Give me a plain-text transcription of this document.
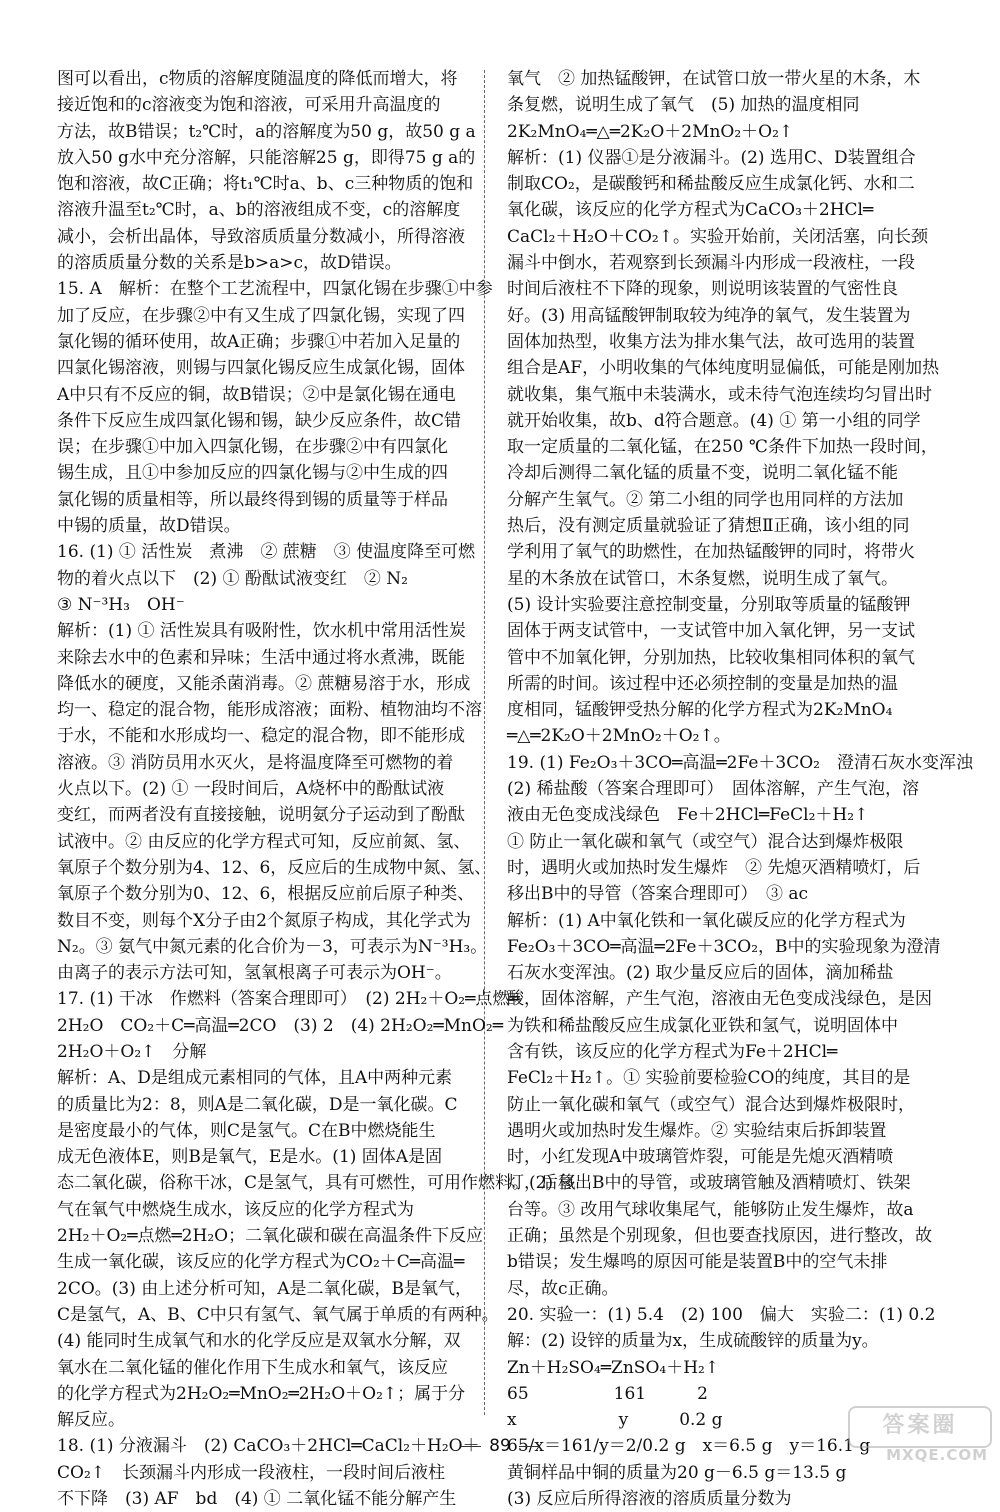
图可以看出，c物质的溶解度随温度的降低而增大，将
接近饱和的c溶液变为饱和溶液，可采用升高温度的
方法，故B错误；t₂℃时，a的溶解度为50 g，故50 g a
放入50 g水中充分溶解，只能溶解25 g，即得75 g a的
饱和溶液，故C正确；将t₁℃时a、b、c三种物质的饱和
溶液升温至t₂℃时，a、b的溶液组成不变，c的溶解度
减小，会析出晶体，导致溶质质量分数减小，所得溶液
的溶质质量分数的关系是b>a>c，故D错误。
15. A　解析：在整个工艺流程中，四氯化锡在步骤①中参
加了反应，在步骤②中有又生成了四氯化锡，实现了四
氯化锡的循环使用，故A正确；步骤①中若加入足量的
四氯化锡溶液，则锡与四氯化锡反应生成氯化锡，固体
A中只有不反应的铜，故B错误；②中是氯化锡在通电
条件下反应生成四氯化锡和锡，缺少反应条件，故C错
误；在步骤①中加入四氯化锡，在步骤②中有四氯化
锡生成，且①中参加反应的四氯化锡与②中生成的四
氯化锡的质量相等，所以最终得到锡的质量等于样品
中锡的质量，故D错误。
16. (1) ① 活性炭　煮沸　② 蔗糖　③ 使温度降至可燃
物的着火点以下　(2) ① 酚酞试液变红　② N₂
③ N⁻³H₃　OH⁻
解析：(1) ① 活性炭具有吸附性，饮水机中常用活性炭
来除去水中的色素和异味；生活中通过将水煮沸，既能
降低水的硬度，又能杀菌消毒。② 蔗糖易溶于水，形成
均一、稳定的混合物，能形成溶液；面粉、植物油均不溶
于水，不能和水形成均一、稳定的混合物，即不能形成
溶液。③ 消防员用水灭火，是将温度降至可燃物的着
火点以下。(2) ① 一段时间后，A烧杯中的酚酞试液
变红，而两者没有直接接触，说明氨分子运动到了酚酞
试液中。② 由反应的化学方程式可知，反应前氮、氢、
氧原子个数分别为4、12、6，反应后的生成物中氮、氢、
氧原子个数分别为0、12、6，根据反应前后原子种类、
数目不变，则每个X分子由2个氮原子构成，其化学式为
N₂。③ 氨气中氮元素的化合价为－3，可表示为N⁻³H₃。
由离子的表示方法可知，氢氧根离子可表示为OH⁻。
17. (1) 干冰　作燃料（答案合理即可）　(2) 2H₂＋O₂═点燃═
2H₂O　CO₂＋C═高温═2CO　(3) 2　(4) 2H₂O₂═MnO₂═
2H₂O＋O₂↑　分解
解析：A、D是组成元素相同的气体，且A中两种元素
的质量比为2：8，则A是二氧化碳，D是一氧化碳。C
是密度最小的气体，则C是氢气。C在B中燃烧能生
成无色液体E，则B是氧气，E是水。(1) 固体A是固
态二氧化碳，俗称干冰，C是氢气，具有可燃性，可用作燃料。(2) 氢
气在氧气中燃烧生成水，该反应的化学方程式为
2H₂＋O₂═点燃═2H₂O；二氧化碳和碳在高温条件下反应
生成一氧化碳，该反应的化学方程式为CO₂＋C═高温═
2CO。(3) 由上述分析可知，A是二氧化碳，B是氧气，
C是氢气，A、B、C中只有氢气、氧气属于单质的有两种。
(4) 能同时生成氧气和水的化学反应是双氧水分解，双
氧水在二氧化锰的催化作用下生成水和氧气，该反应
的化学方程式为2H₂O₂═MnO₂═2H₂O＋O₂↑；属于分
解反应。
18. (1) 分液漏斗　(2) CaCO₃＋2HCl═CaCl₂＋H₂O＋
CO₂↑　长颈漏斗内形成一段液柱，一段时间后液柱
不下降　(3) AF　bd　(4) ① 二氧化锰不能分解产生
氧气　② 加热锰酸钾，在试管口放一带火星的木条，木
条复燃，说明生成了氧气　(5) 加热的温度相同
2K₂MnO₄═△═2K₂O＋2MnO₂＋O₂↑
解析：(1) 仪器①是分液漏斗。(2) 选用C、D装置组合
制取CO₂，是碳酸钙和稀盐酸反应生成氯化钙、水和二
氧化碳，该反应的化学方程式为CaCO₃＋2HCl═
CaCl₂＋H₂O＋CO₂↑。实验开始前，关闭活塞，向长颈
漏斗中倒水，若观察到长颈漏斗内形成一段液柱，一段
时间后液柱不下降的现象，则说明该装置的气密性良
好。(3) 用高锰酸钾制取较为纯净的氧气，发生装置为
固体加热型，收集方法为排水集气法，故可选用的装置
组合是AF，小明收集的气体纯度明显偏低，可能是刚加热
就收集，集气瓶中未装满水，或未待气泡连续均匀冒出时
就开始收集，故b、d符合题意。(4) ① 第一小组的同学
取一定质量的二氧化锰，在250 ℃条件下加热一段时间，
冷却后测得二氧化锰的质量不变，说明二氧化锰不能
分解产生氧气。② 第二小组的同学也用同样的方法加
热后，没有测定质量就验证了猜想Ⅱ正确，该小组的同
学利用了氧气的助燃性，在加热锰酸钾的同时，将带火
星的木条放在试管口，木条复燃，说明生成了氧气。
(5) 设计实验要注意控制变量，分别取等质量的锰酸钾
固体于两支试管中，一支试管中加入氧化钾，另一支试
管中不加氧化钾，分别加热，比较收集相同体积的氧气
所需的时间。该过程中还必须控制的变量是加热的温
度相同，锰酸钾受热分解的化学方程式为2K₂MnO₄
═△═2K₂O＋2MnO₂＋O₂↑。
19. (1) Fe₂O₃＋3CO═高温═2Fe＋3CO₂　澄清石灰水变浑浊
(2) 稀盐酸（答案合理即可）　固体溶解，产生气泡，溶
液由无色变成浅绿色　Fe＋2HCl═FeCl₂＋H₂↑
① 防止一氧化碳和氧气（或空气）混合达到爆炸极限
时，遇明火或加热时发生爆炸　② 先熄灭酒精喷灯，后
移出B中的导管（答案合理即可）　③ ac
解析：(1) A中氧化铁和一氧化碳反应的化学方程式为
Fe₂O₃＋3CO═高温═2Fe＋3CO₂，B中的实验现象为澄清
石灰水变浑浊。(2) 取少量反应后的固体，滴加稀盐
酸，固体溶解，产生气泡，溶液由无色变成浅绿色，是因
为铁和稀盐酸反应生成氯化亚铁和氢气，说明固体中
含有铁，该反应的化学方程式为Fe＋2HCl═
FeCl₂＋H₂↑。① 实验前要检验CO的纯度，其目的是
防止一氧化碳和氧气（或空气）混合达到爆炸极限时，
遇明火或加热时发生爆炸。② 实验结束后拆卸装置
时，小红发现A中玻璃管炸裂，可能是先熄灭酒精喷
灯，后移出B中的导管，或玻璃管触及酒精喷灯、铁架
台等。③ 改用气球收集尾气，能够防止发生爆炸，故a
正确；虽然是个别现象，但也要查找原因，进行整改，故
b错误；发生爆鸣的原因可能是装置B中的空气未排
尽，故c正确。
20. 实验一：(1) 5.4　(2) 100　偏大　实验二：(1) 0.2
解：(2) 设锌的质量为x，生成硫酸锌的质量为y。
Zn＋H₂SO₄═ZnSO₄＋H₂↑
65　　　　　161　　　2
x　　　　　　y　　　0.2 g
65/x＝161/y＝2/0.2 g　x＝6.5 g　y＝16.1 g
黄铜样品中铜的质量为20 g－6.5 g＝13.5 g
(3) 反应后所得溶液的溶质质量分数为
89
答案圈
MXQE.COM
